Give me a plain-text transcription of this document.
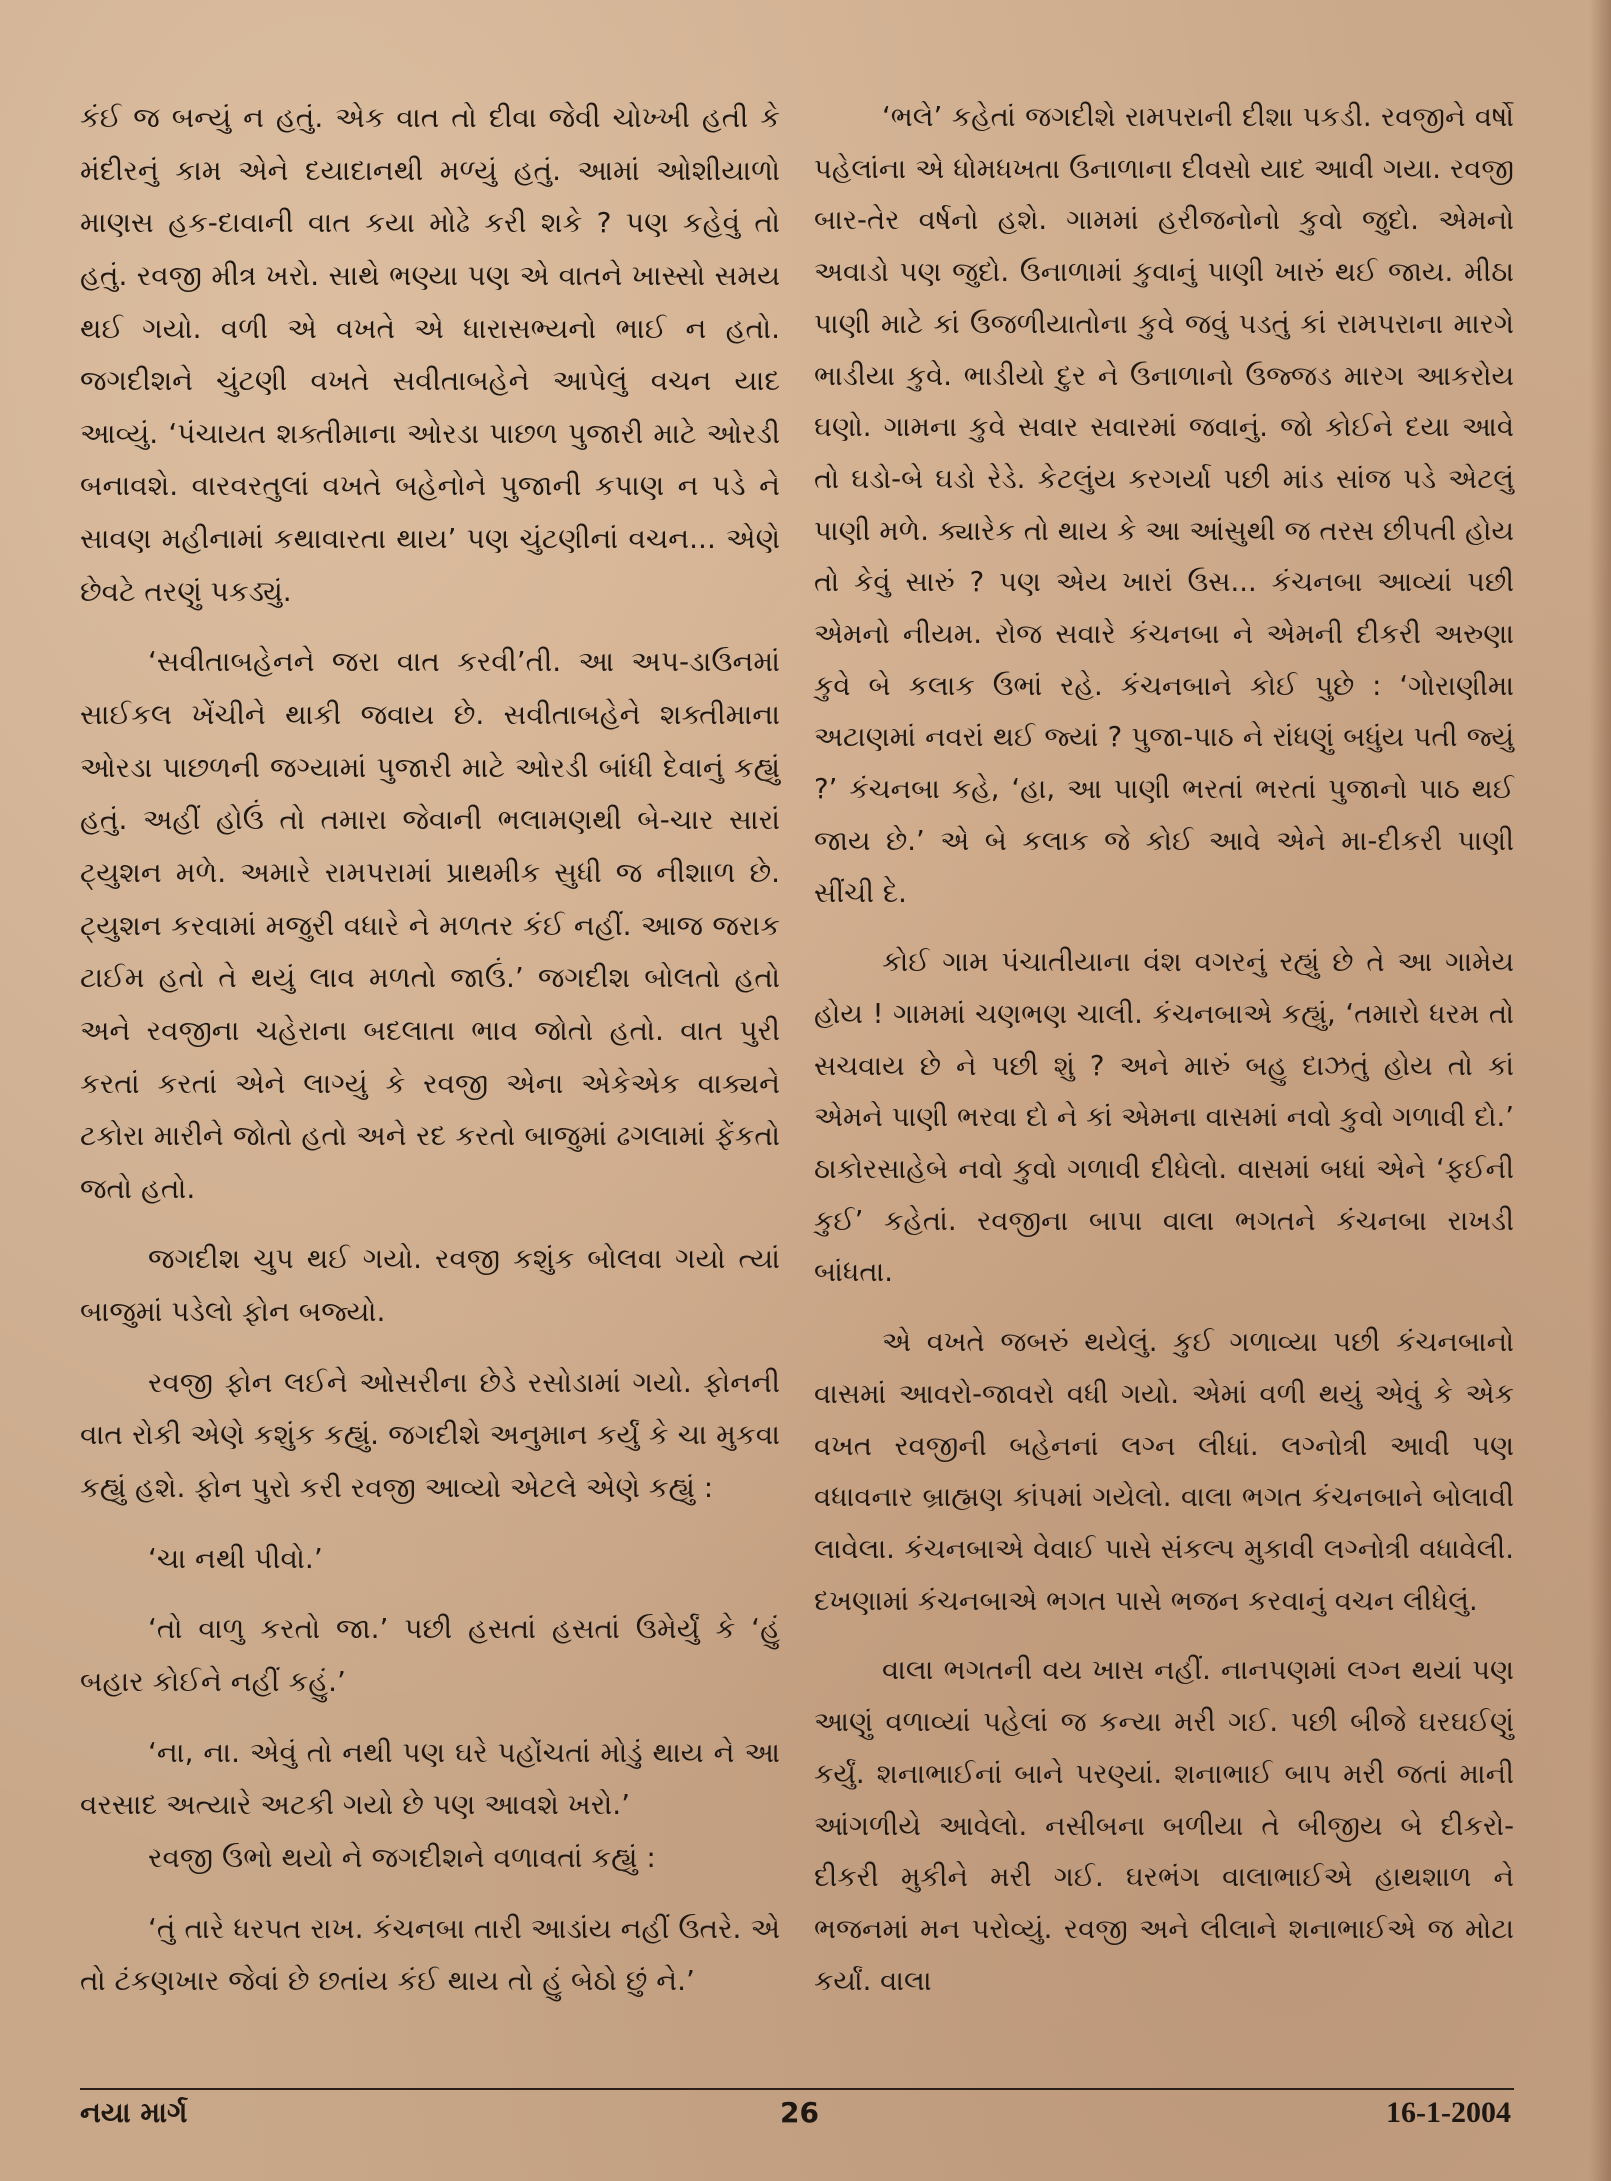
કંઈ જ બન્યું ન હતું. એક વાત તો દીવા જેવી ચોખ્ખી હતી કે મંદીરનું કામ એને દયાદાનથી મળ્યું હતું. આમાં ઓશીયાળો માણસ હક-દાવાની વાત કયા મોઢે કરી શકે ? પણ કહેવું તો હતું. રવજી મીત્ર ખરો. સાથે ભણ્યા પણ એ વાતને ખાસ્સો સમય થઈ ગયો. વળી એ વખતે એ ધારાસભ્યનો ભાઈ ન હતો. જગદીશને ચુંટણી વખતે સવીતાબહેને આપેલું વચન યાદ આવ્યું. ‘પંચાયત શક્તીમાના ઓરડા પાછળ પુજારી માટે ઓરડી બનાવશે. વારવરતુલાં વખતે બહેનોને પુજાની કપાણ ન પડે ને સાવણ મહીનામાં કથાવારતા થાય’ પણ ચુંટણીનાં વચન... એણે છેવટે તરણું પકડ્યું.

‘સવીતાબહેનને જરા વાત કરવી’તી. આ અપ-ડાઉનમાં સાઈકલ ખેંચીને થાકી જવાય છે. સવીતાબહેને શક્તીમાના ઓરડા પાછળની જગ્યામાં પુજારી માટે ઓરડી બાંધી દેવાનું કહ્યું હતું. અહીં હોઉં તો તમારા જેવાની ભલામણથી બે-ચાર સારાં ટ્યુશન મળે. અમારે રામપરામાં પ્રાથમીક સુધી જ નીશાળ છે. ટ્યુશન કરવામાં મજુરી વધારે ને મળતર કંઈ નહીં. આજ જરાક ટાઈમ હતો તે થયું લાવ મળતો જાઉં.’ જગદીશ બોલતો હતો અને રવજીના ચહેરાના બદલાતા ભાવ જોતો હતો. વાત પુરી કરતાં કરતાં એને લાગ્યું કે રવજી એના એકેએક વાક્યને ટકોરા મારીને જોતો હતો અને રદ કરતો બાજુમાં ઢગલામાં ફેંકતો જતો હતો.

જગદીશ ચુપ થઈ ગયો. રવજી કશુંક બોલવા ગયો ત્યાં બાજુમાં પડેલો ફોન બજ્યો.

રવજી ફોન લઈને ઓસરીના છેડે રસોડામાં ગયો. ફોનની વાત રોકી એણે કશુંક કહ્યું. જગદીશે અનુમાન કર્યું કે ચા મુકવા કહ્યું હશે. ફોન પુરો કરી રવજી આવ્યો એટલે એણે કહ્યું :

‘ચા નથી પીવો.’

‘તો વાળુ કરતો જા.’ પછી હસતાં હસતાં ઉમેર્યું કે ‘હું બહાર કોઈને નહીં કહું.’

‘ના, ના. એવું તો નથી પણ ઘરે પહોંચતાં મોડું થાય ને આ વરસાદ અત્યારે અટકી ગયો છે પણ આવશે ખરો.’

રવજી ઉભો થયો ને જગદીશને વળાવતાં કહ્યું :

‘તું તારે ધરપત રાખ. કંચનબા તારી આડાંય નહીં ઉતરે. એ તો ટંકણખાર જેવાં છે છતાંય કંઈ થાય તો હું બેઠો છું ને.’

‘ભલે’ કહેતાં જગદીશે રામપરાની દીશા પકડી. રવજીને વર્ષો પહેલાંના એ ધોમધખતા ઉનાળાના દીવસો યાદ આવી ગયા. રવજી બાર-તેર વર્ષનો હશે. ગામમાં હરીજનોનો કુવો જુદો. એમનો અવાડો પણ જુદો. ઉનાળામાં કુવાનું પાણી ખારું થઈ જાય. મીઠા પાણી માટે કાં ઉજળીયાતોના કુવે જવું પડતું કાં રામપરાના મારગે ભાડીયા કુવે. ભાડીયો દુર ને ઉનાળાનો ઉજ્જડ મારગ આકરોય ઘણો. ગામના કુવે સવાર સવારમાં જવાનું. જો કોઈને દયા આવે તો ઘડો-બે ઘડો રેડે. કેટલુંય કરગર્યા પછી માંડ સાંજ પડે એટલું પાણી મળે. ક્યારેક તો થાય કે આ આંસુથી જ તરસ છીપતી હોય તો કેવું સારું ? પણ એય ખારાં ઉસ... કંચનબા આવ્યાં પછી એમનો નીયમ. રોજ સવારે કંચનબા ને એમની દીકરી અરુણા કુવે બે કલાક ઉભાં રહે. કંચનબાને કોઈ પુછે : ‘ગોરાણીમા અટાણમાં નવરાં થઈ જ્યાં ? પુજા-પાઠ ને રાંધણું બધુંય પતી જ્યું ?’ કંચનબા કહે, ‘હા, આ પાણી ભરતાં ભરતાં પુજાનો પાઠ થઈ જાય છે.’ એ બે કલાક જે કોઈ આવે એને મા-દીકરી પાણી સીંચી દે.

કોઈ ગામ પંચાતીયાના વંશ વગરનું રહ્યું છે તે આ ગામેય હોય ! ગામમાં ચણભણ ચાલી. કંચનબાએ કહ્યું, ‘તમારો ધરમ તો સચવાય છે ને પછી શું ? અને મારું બહુ દાઝતું હોય તો કાં એમને પાણી ભરવા દો ને કાં એમના વાસમાં નવો કુવો ગળાવી દો.’ ઠાકોરસાહેબે નવો કુવો ગળાવી દીધેલો. વાસમાં બધાં એને ‘ફઈની કુઈ’ કહેતાં. રવજીના બાપા વાલા ભગતને કંચનબા રાખડી બાંધતા.

એ વખતે જબરું થયેલું. કુઈ ગળાવ્યા પછી કંચનબાનો વાસમાં આવરો-જાવરો વધી ગયો. એમાં વળી થયું એવું કે એક વખત રવજીની બહેનનાં લગ્ન લીધાં. લગ્નોત્રી આવી પણ વધાવનાર બ્રાહ્મણ કાંપમાં ગયેલો. વાલા ભગત કંચનબાને બોલાવી લાવેલા. કંચનબાએ વેવાઈ પાસે સંકલ્પ મુકાવી લગ્નોત્રી વધાવેલી. દખણામાં કંચનબાએ ભગત પાસે ભજન કરવાનું વચન લીધેલું.

વાલા ભગતની વય ખાસ નહીં. નાનપણમાં લગ્ન થયાં પણ આણું વળાવ્યાં પહેલાં જ કન્યા મરી ગઈ. પછી બીજે ઘરઘઈણું કર્યું. શનાભાઈનાં બાને પરણ્યાં. શનાભાઈ બાપ મરી જતાં માની આંગળીયે આવેલો. નસીબના બળીયા તે બીજીય બે દીકરો-દીકરી મુકીને મરી ગઈ. ઘરભંગ વાલાભાઈએ હાથશાળ ને ભજનમાં મન પરોવ્યું. રવજી અને લીલાને શનાભાઈએ જ મોટા કર્યાં. વાલા

નયા માર્ગ	26	16-1-2004
